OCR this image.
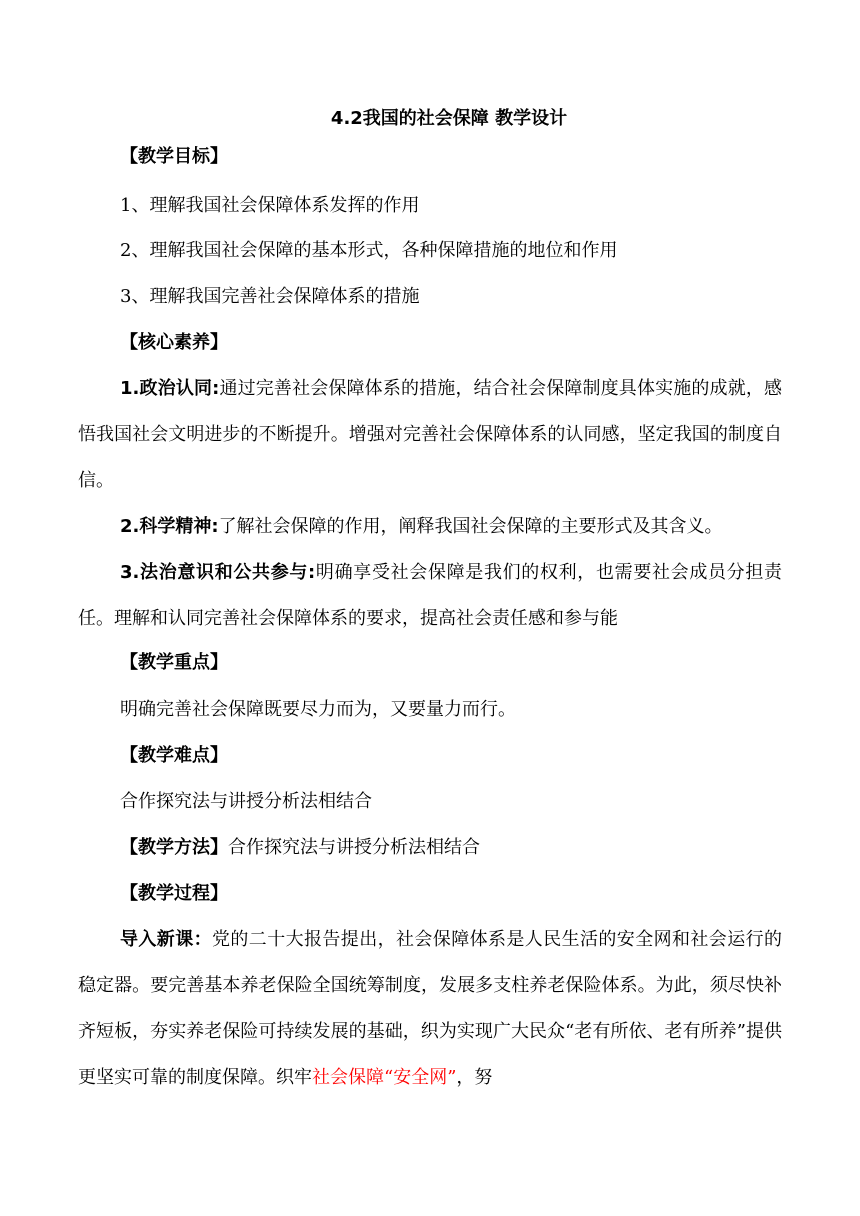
4.2我国的社会保障 教学设计
【教学目标】
1、理解我国社会保障体系发挥的作用
2、理解我国社会保障的基本形式，各种保障措施的地位和作用
3、理解我国完善社会保障体系的措施
【核心素养】
1.政治认同:通过完善社会保障体系的措施，结合社会保障制度具体实施的成就，感悟我国社会文明进步的不断提升。增强对完善社会保障体系的认同感，坚定我国的制度自信。
2.科学精神:了解社会保障的作用，阐释我国社会保障的主要形式及其含义。
3.法治意识和公共参与:明确享受社会保障是我们的权利，也需要社会成员分担责任。理解和认同完善社会保障体系的要求，提高社会责任感和参与能
【教学重点】
明确完善社会保障既要尽力而为，又要量力而行。
【教学难点】
合作探究法与讲授分析法相结合
【教学方法】合作探究法与讲授分析法相结合
【教学过程】
导入新课：党的二十大报告提出，社会保障体系是人民生活的安全网和社会运行的稳定器。要完善基本养老保险全国统筹制度，发展多支柱养老保险体系。为此，须尽快补齐短板，夯实养老保险可持续发展的基础，织为实现广大民众“老有所依、老有所养”提供更坚实可靠的制度保障。织牢社会保障“安全网”，努
